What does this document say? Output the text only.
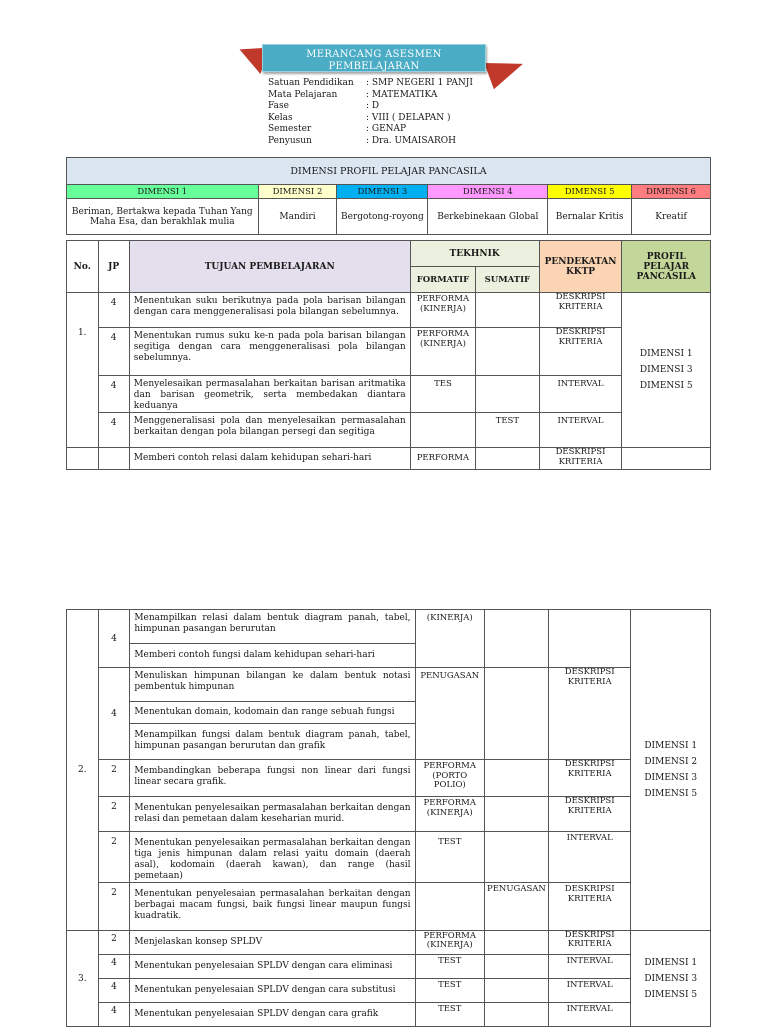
MERANCANG ASESMEN
PEMBELAJARAN
Satuan Pendidikan	: SMP NEGERI 1 PANJI
Mata Pelajaran	: MATEMATIKA
Fase	: D
Kelas	: VIII ( DELAPAN )
Semester	: GENAP
Penyusun	: Dra. UMAISAROH
DIMENSI PROFIL PELAJAR PANCASILA					
DIMENSI 1	DIMENSI 2	DIMENSI 3	DIMENSI 4	DIMENSI 5	DIMENSI 6
Beriman, Bertakwa kepada Tuhan Yang Maha Esa, dan berakhlak mulia	Mandiri	Bergotong-royong	Berkebinekaan Global	Bernalar Kritis	Kreatif
No.	JP	TUJUAN PEMBELAJARAN	TEKHNIK		PENDEKATAN KKTP	PROFIL PELAJAR PANCASILA
			FORMATIF	SUMATIF		
1.	4	Menentukan suku berikutnya pada pola barisan bilangan dengan cara menggeneralisasi pola bilangan sebelumnya.	PERFORMA (KINERJA)		DESKRIPSI KRITERIA	DIMENSI 1
DIMENSI 3
DIMENSI 5

	4	Menentukan rumus suku ke-n pada pola barisan bilangan segitiga dengan cara menggeneralisasi pola bilangan sebelumnya.	PERFORMA (KINERJA)		DESKRIPSI KRITERIA	
	4	Menyelesaikan permasalahan berkaitan barisan aritmatika dan barisan geometrik, serta membedakan diantara keduanya	TES		INTERVAL	
	4	Menggeneralisasi pola dan menyelesaikan permasalahan berkaitan dengan pola bilangan persegi dan segitiga		TEST	INTERVAL	
		Memberi contoh relasi dalam kehidupan sehari-hari	PERFORMA		DESKRIPSI KRITERIA	
2.	4	Menampilkan relasi dalam bentuk diagram panah, tabel, himpunan pasangan berurutan	(KINERJA)			DIMENSI 1
DIMENSI 2
DIMENSI 3
DIMENSI 5

		Memberi contoh fungsi dalam kehidupan sehari-hari				
	4	Menuliskan himpunan bilangan ke dalam bentuk notasi pembentuk himpunan	PENUGASAN		DESKRIPSI KRITERIA	
		Menentukan domain, kodomain dan range sebuah fungsi				
		Menampilkan fungsi dalam bentuk diagram panah, tabel, himpunan pasangan berurutan dan grafik				
	2	Membandingkan beberapa fungsi non linear dari fungsi linear secara grafik.	PERFORMA (PORTO POLIO)		DESKRIPSI KRITERIA	
	2	Menentukan penyelesaikan permasalahan berkaitan dengan relasi dan pemetaan dalam keseharian murid.	PERFORMA (KINERJA)		DESKRIPSI KRITERIA	
	2	Menentukan penyelesaikan permasalahan berkaitan dengan tiga jenis himpunan dalam relasi yaitu domain (daerah asal), kodomain (daerah kawan), dan range (hasil pemetaan)	TEST		INTERVAL	
	2	Menentukan penyelesaian permasalahan berkaitan dengan berbagai macam fungsi, baik fungsi linear maupun fungsi kuadratik.		PENUGASAN	DESKRIPSI KRITERIA	
3.	2	Menjelaskan konsep SPLDV	PERFORMA (KINERJA)		DESKRIPSI KRITERIA	DIMENSI 1
DIMENSI 3
DIMENSI 5

	4	Menentukan penyelesaian SPLDV dengan cara eliminasi	TEST		INTERVAL	
	4	Menentukan penyelesaian SPLDV dengan cara substitusi	TEST		INTERVAL	
	4	Menentukan penyelesaian SPLDV dengan cara grafik	TEST		INTERVAL	
